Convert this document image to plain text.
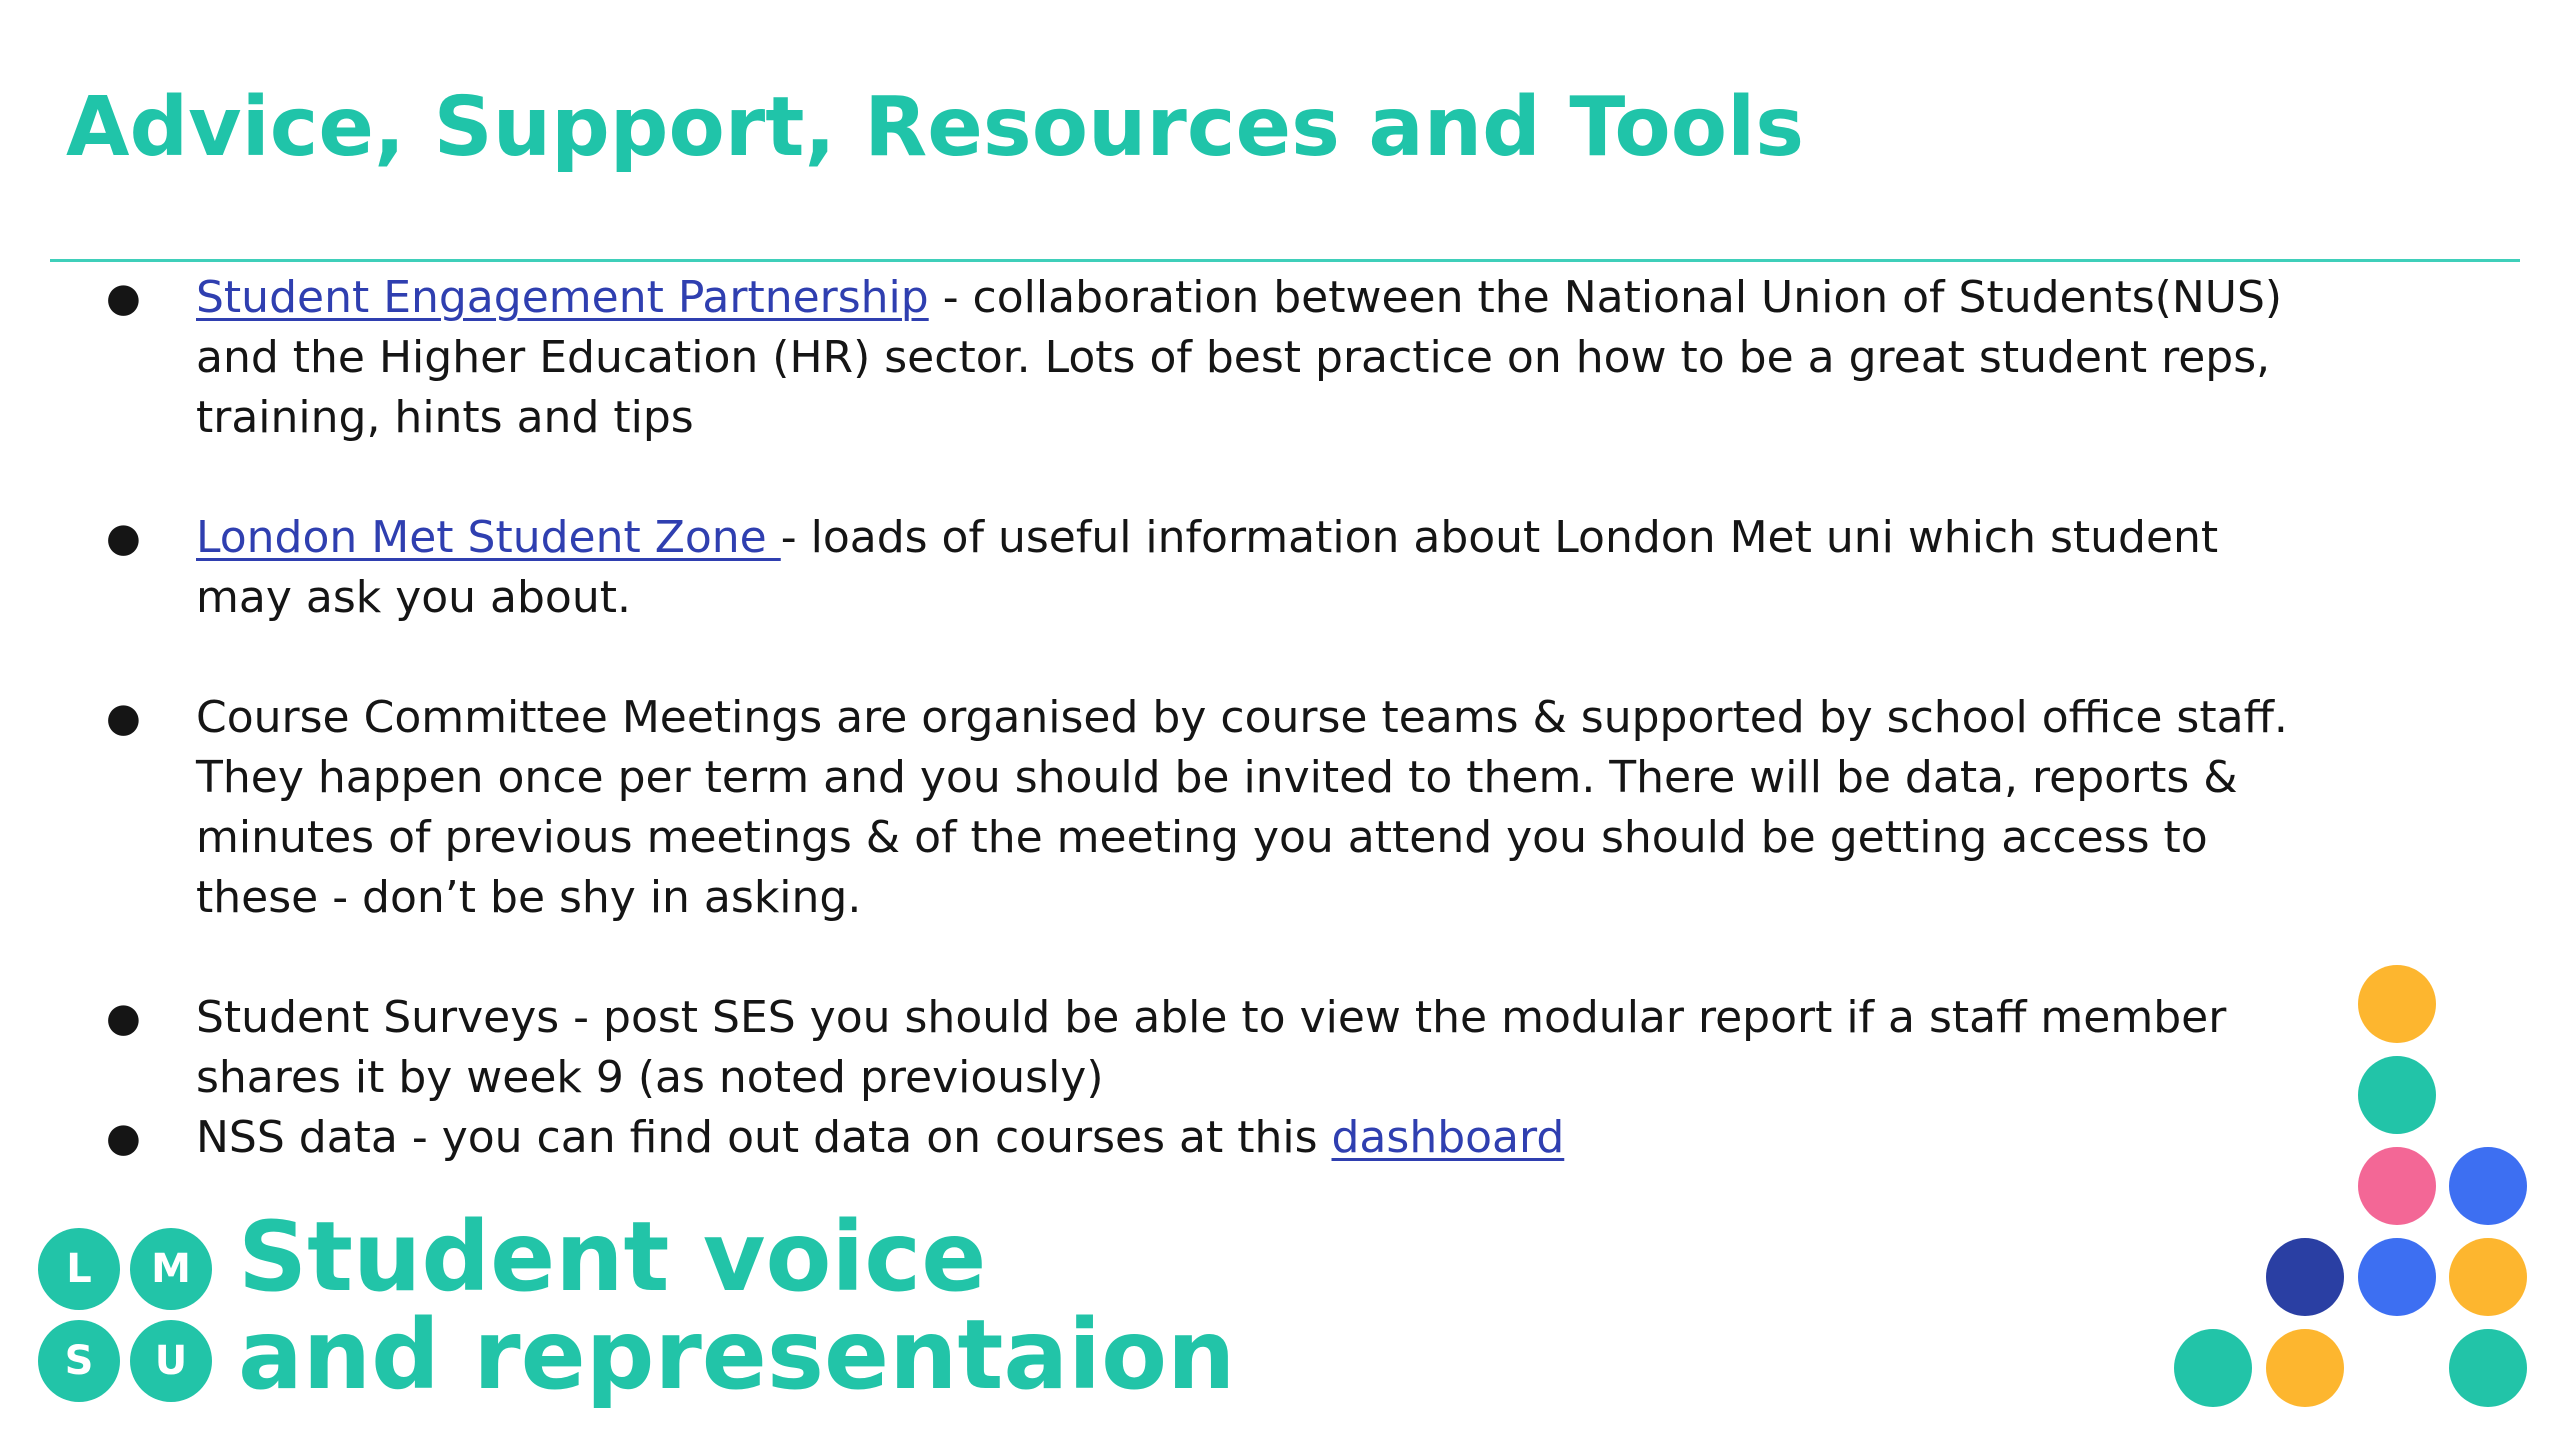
Advice, Support, Resources and Tools
● Student Engagement Partnership - collaboration between the National Union of Students(NUS) and the Higher Education (HR) sector. Lots of best practice on how to be a great student reps, training, hints and tips
● London Met Student Zone - loads of useful information about London Met uni which student may ask you about.
● Course Committee Meetings are organised by course teams & supported by school office staff. They happen once per term and you should be invited to them. There will be data, reports & minutes of previous meetings & of the meeting you attend you should be getting access to these - don’t be shy in asking.
● Student Surveys - post SES you should be able to view the modular report if a staff member shares it by week 9 (as noted previously)
● NSS data - you can find out data on courses at this dashboard
L	M
S	U
Student voice
and representaion
